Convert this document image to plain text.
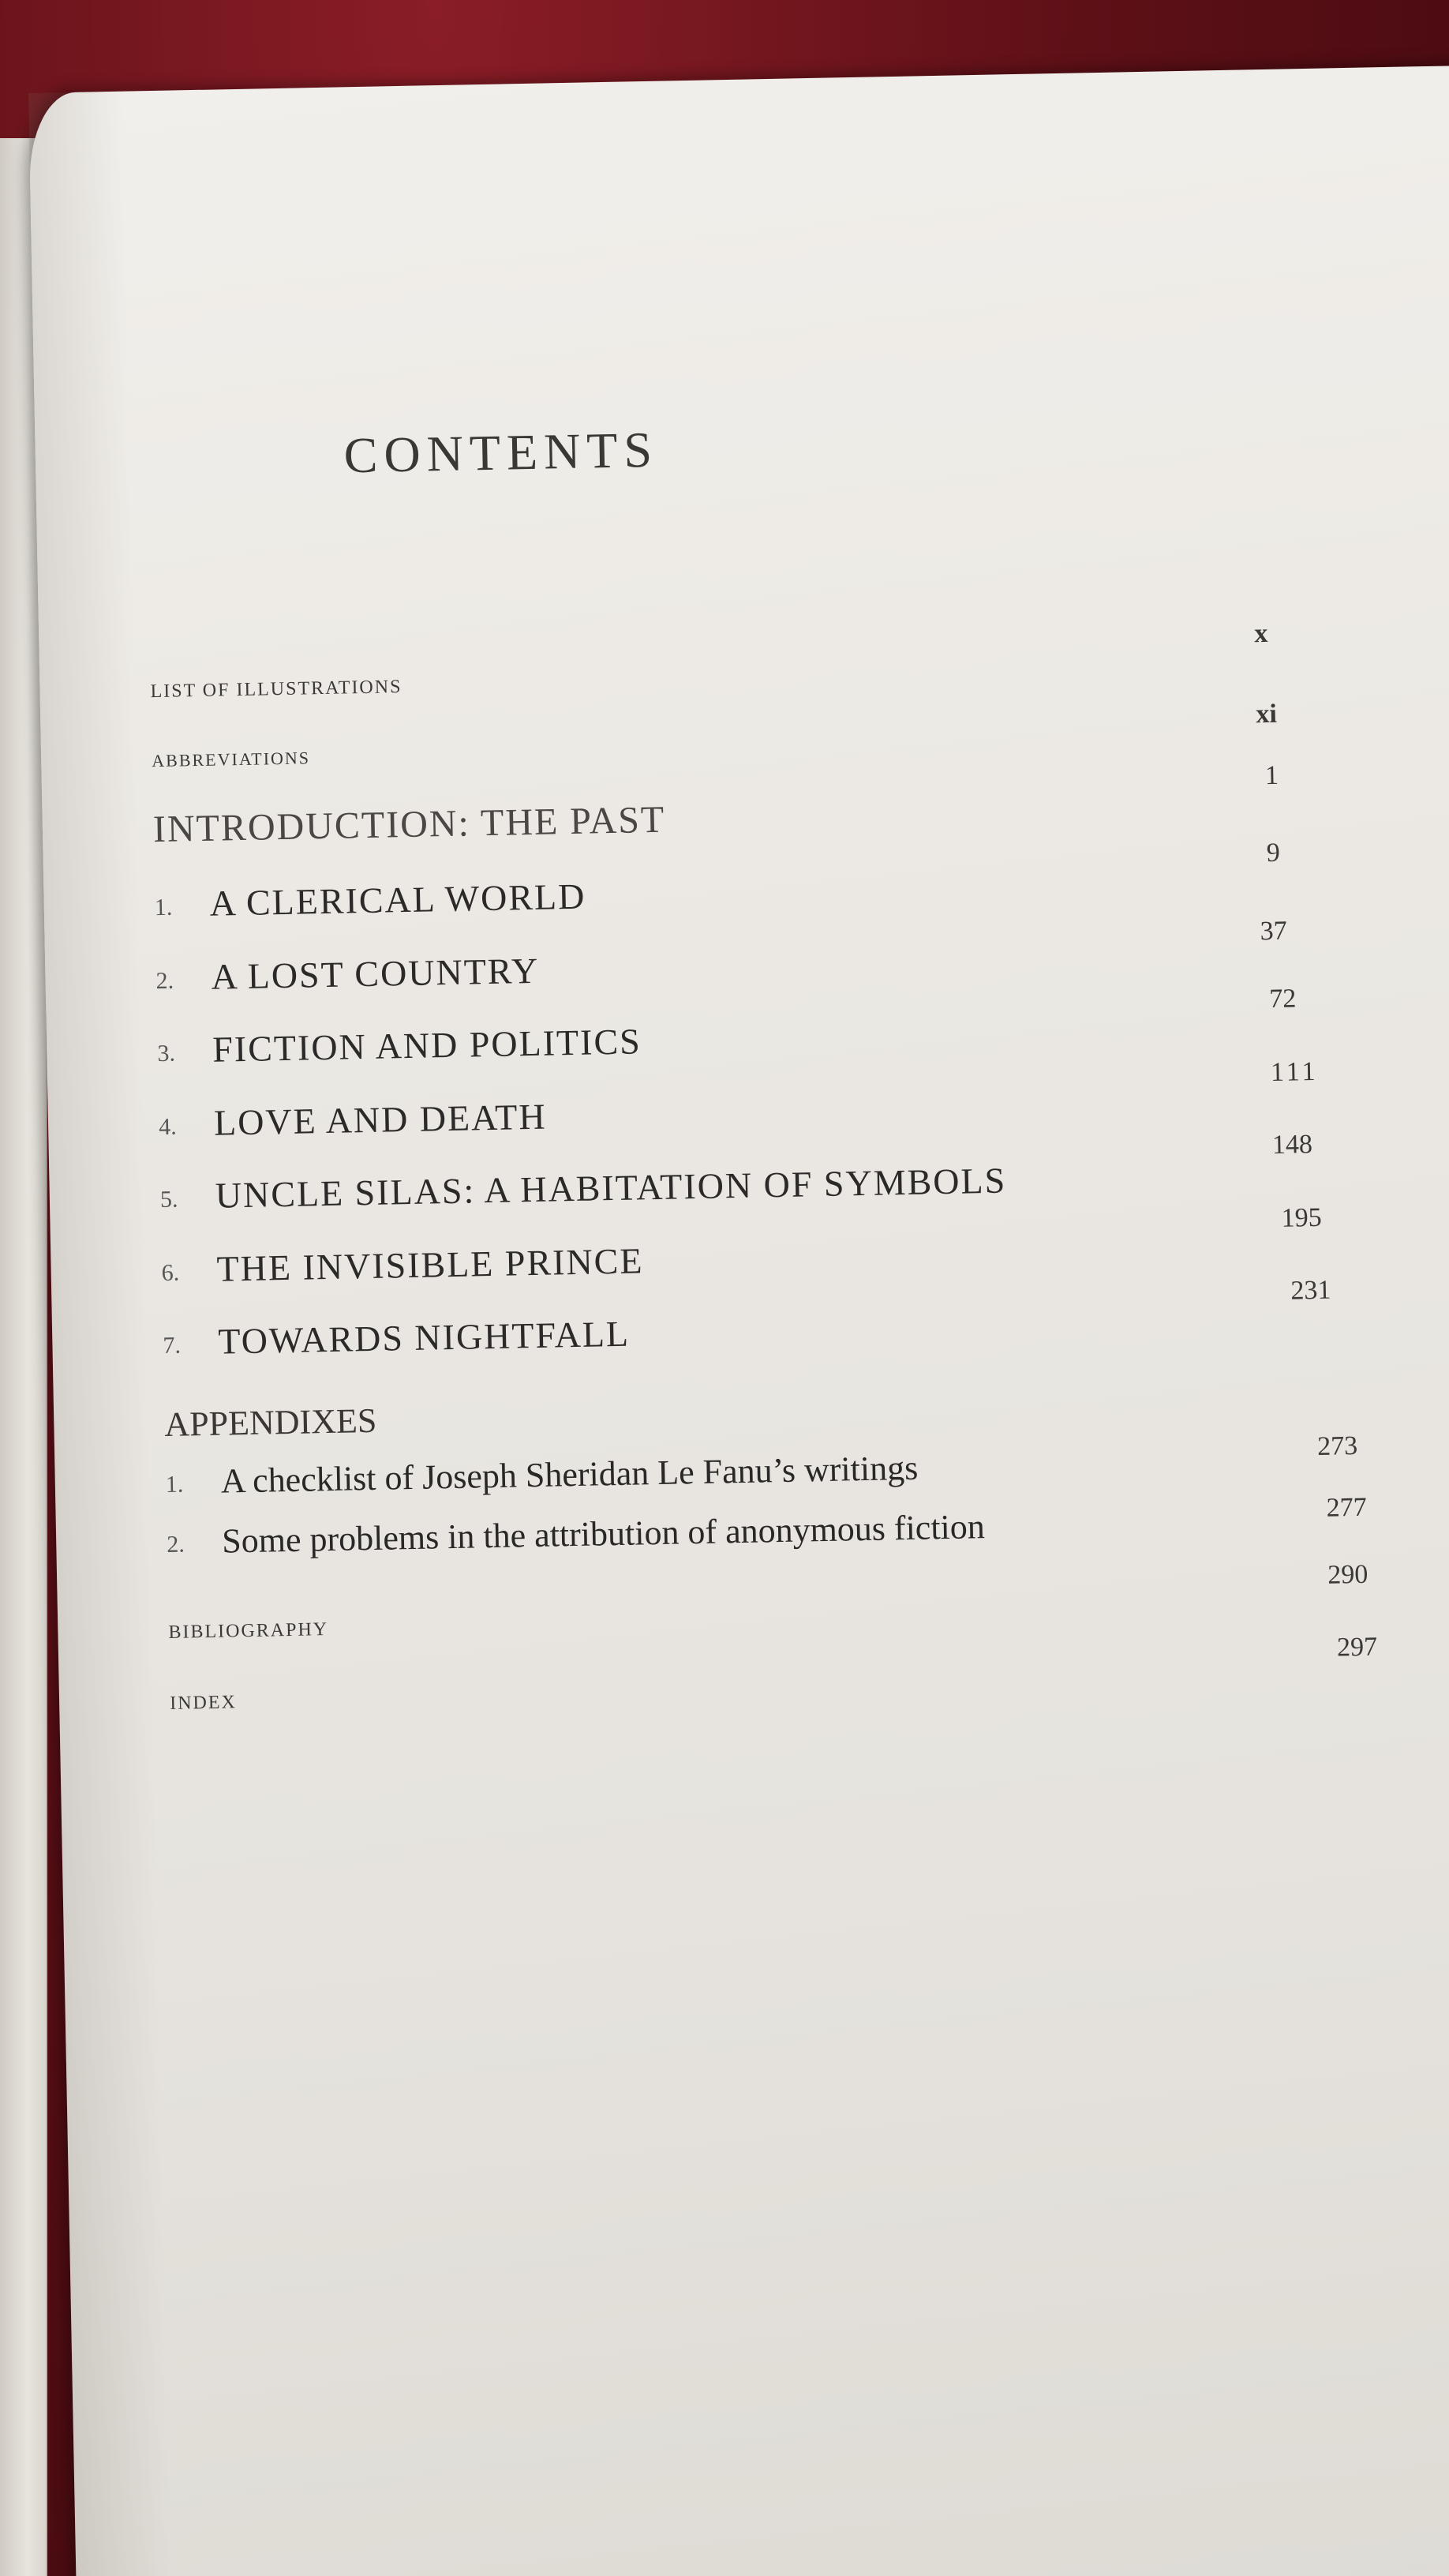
CONTENTS
LIST OF ILLUSTRATIONS
x
ABBREVIATIONS
xi
INTRODUCTION: THE PAST
1
1. A CLERICAL WORLD
9
2. A LOST COUNTRY
37
3. FICTION AND POLITICS
72
4. LOVE AND DEATH
111
5. UNCLE SILAS: A HABITATION OF SYMBOLS
148
6. THE INVISIBLE PRINCE
195
7. TOWARDS NIGHTFALL
231
APPENDIXES
1. A checklist of Joseph Sheridan Le Fanu’s writings
273
2. Some problems in the attribution of anonymous fiction	277
BIBLIOGRAPHY
290
INDEX
297
